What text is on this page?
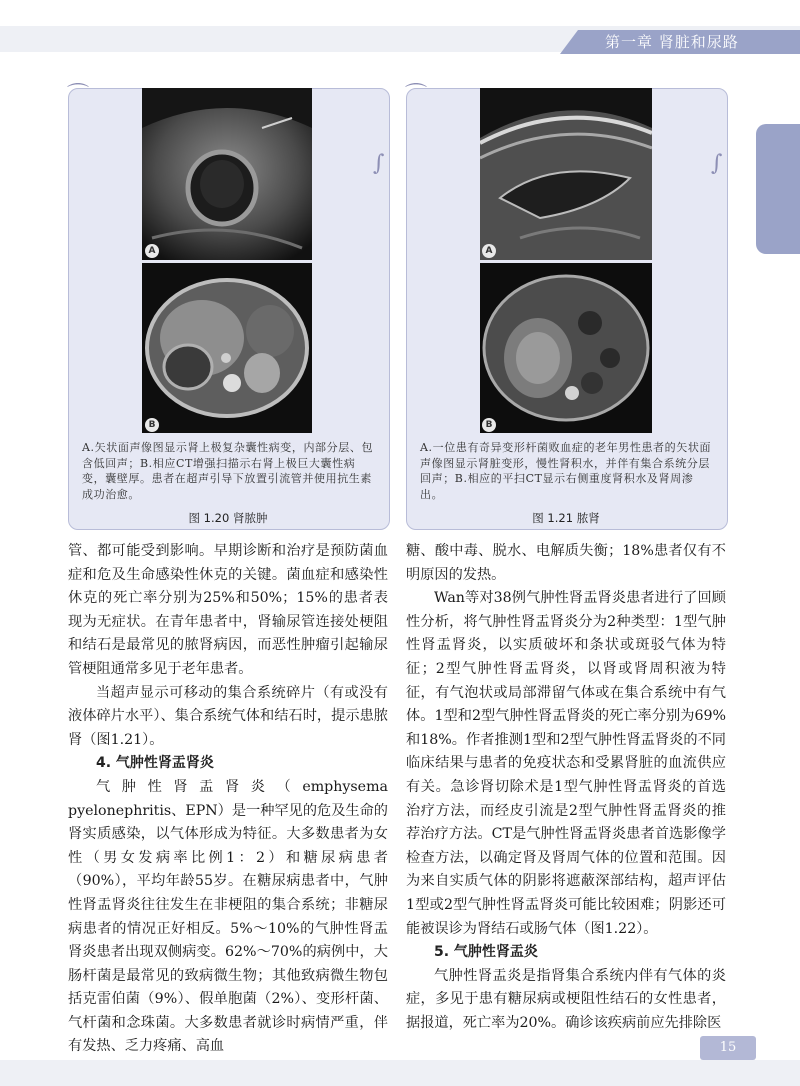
第一章 肾脏和尿路
⌒
∫
A
B
A.矢状面声像图显示肾上极复杂囊性病变，内部分层、包含低回声；B.相应CT增强扫描示右肾上极巨大囊性病变，囊壁厚。患者在超声引导下放置引流管并使用抗生素成功治愈。
图 1.20 肾脓肿
⌒
∫
A
B
A.一位患有奇异变形杆菌败血症的老年男性患者的矢状面声像图显示肾脏变形，慢性肾积水，并伴有集合系统分层回声；B.相应的平扫CT显示右侧重度肾积水及肾周渗出。
图 1.21 脓肾

管、都可能受到影响。早期诊断和治疗是预防菌血症和危及生命感染性休克的关键。菌血症和感染性休克的死亡率分别为25%和50%；15%的患者表现为无症状。在青年患者中，肾输尿管连接处梗阻和结石是最常见的脓肾病因，而恶性肿瘤引起输尿管梗阻通常多见于老年患者。

当超声显示可移动的集合系统碎片（有或没有液体碎片水平）、集合系统气体和结石时，提示患脓肾（图1.21）。

4. 气肿性肾盂肾炎

气肿性肾盂肾炎（emphysema pyelonephritis、EPN）是一种罕见的危及生命的肾实质感染，以气体形成为特征。大多数患者为女性（男女发病率比例1：2）和糖尿病患者（90%），平均年龄55岁。在糖尿病患者中，气肿性肾盂肾炎往往发生在非梗阻的集合系统；非糖尿病患者的情况正好相反。5%～10%的气肿性肾盂肾炎患者出现双侧病变。62%～70%的病例中，大肠杆菌是最常见的致病微生物；其他致病微生物包括克雷伯菌（9%）、假单胞菌（2%）、变形杆菌、气杆菌和念珠菌。大多数患者就诊时病情严重，伴有发热、乏力疼痛、高血

糖、酸中毒、脱水、电解质失衡；18%患者仅有不明原因的发热。

Wan等对38例气肿性肾盂肾炎患者进行了回顾性分析，将气肿性肾盂肾炎分为2种类型：1型气肿性肾盂肾炎，以实质破坏和条状或斑驳气体为特征；2型气肿性肾盂肾炎，以肾或肾周积液为特征，有气泡状或局部滞留气体或在集合系统中有气体。1型和2型气肿性肾盂肾炎的死亡率分别为69%和18%。作者推测1型和2型气肿性肾盂肾炎的不同临床结果与患者的免疫状态和受累肾脏的血流供应有关。急诊肾切除术是1型气肿性肾盂肾炎的首选治疗方法，而经皮引流是2型气肿性肾盂肾炎的推荐治疗方法。CT是气肿性肾盂肾炎患者首选影像学检查方法，以确定肾及肾周气体的位置和范围。因为来自实质气体的阴影将遮蔽深部结构，超声评估1型或2型气肿性肾盂肾炎可能比较困难；阴影还可能被误诊为肾结石或肠气体（图1.22）。

5. 气肿性肾盂炎

气肿性肾盂炎是指肾集合系统内伴有气体的炎症，多见于患有糖尿病或梗阻性结石的女性患者，据报道，死亡率为20%。确诊该疾病前应先排除医

15
